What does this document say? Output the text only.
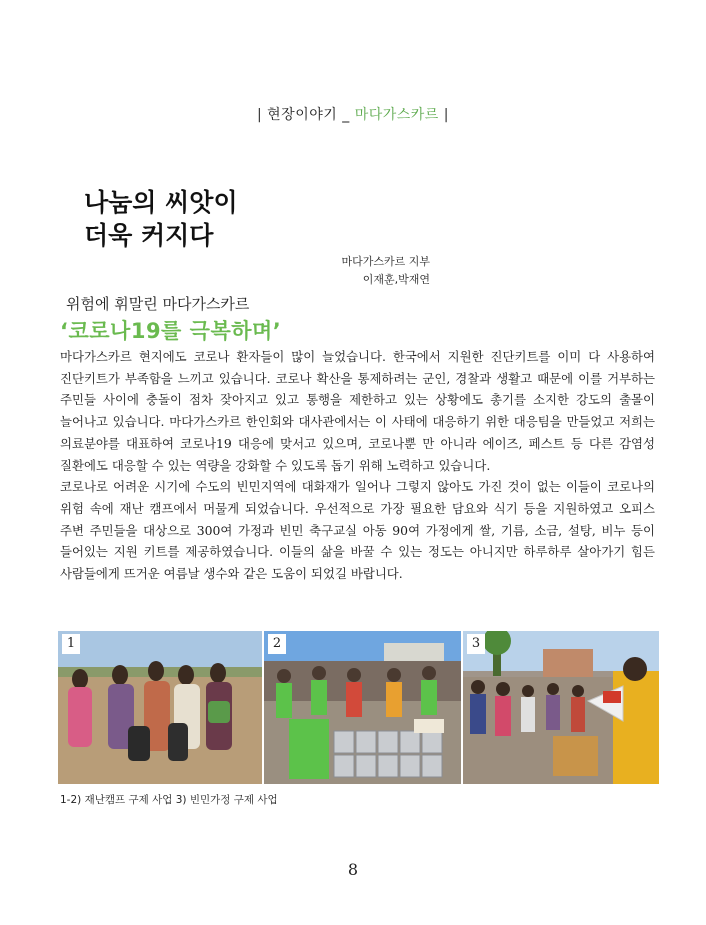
| 현장이야기 _ 마다가스카르 |
나눔의 씨앗이
더욱 커지다
마다가스카르 지부
이재훈,박재연
위험에 휘말린 마다가스카르
‘코로나19를 극복하며’

마다가스카르 현지에도 코로나 환자들이 많이 늘었습니다. 한국에서 지원한 진단키트를 이미 다 사용하여 진단키트가 부족함을 느끼고 있습니다. 코로나 확산을 통제하려는 군인, 경찰과 생활고 때문에 이를 거부하는 주민들 사이에 충돌이 점차 잦아지고 있고 통행을 제한하고 있는 상황에도 총기를 소지한 강도의 출몰이 늘어나고 있습니다. 마다가스카르 한인회와 대사관에서는 이 사태에 대응하기 위한 대응팀을 만들었고 저희는 의료분야를 대표하여 코로나19 대응에 맞서고 있으며, 코로나뿐 만 아니라 에이즈, 페스트 등 다른 감염성 질환에도 대응할 수 있는 역량을 강화할 수 있도록 돕기 위해 노력하고 있습니다.

코로나로 어려운 시기에 수도의 빈민지역에 대화재가 일어나 그렇지 않아도 가진 것이 없는 이들이 코로나의 위험 속에 재난 캠프에서 머물게 되었습니다. 우선적으로 가장 필요한 담요와 식기 등을 지원하였고 오피스 주변 주민들을 대상으로 300여 가정과 빈민 축구교실 아동 90여 가정에게 쌀, 기름, 소금, 설탕, 비누 등이 들어있는 지원 키트를 제공하였습니다. 이들의 삶을 바꿀 수 있는 정도는 아니지만 하루하루 살아가기 힘든 사람들에게 뜨거운 여름날 생수와 같은 도움이 되었길 바랍니다.

1	2	3
1-2) 재난캠프 구제 사업 3) 빈민가정 구제 사업
8
